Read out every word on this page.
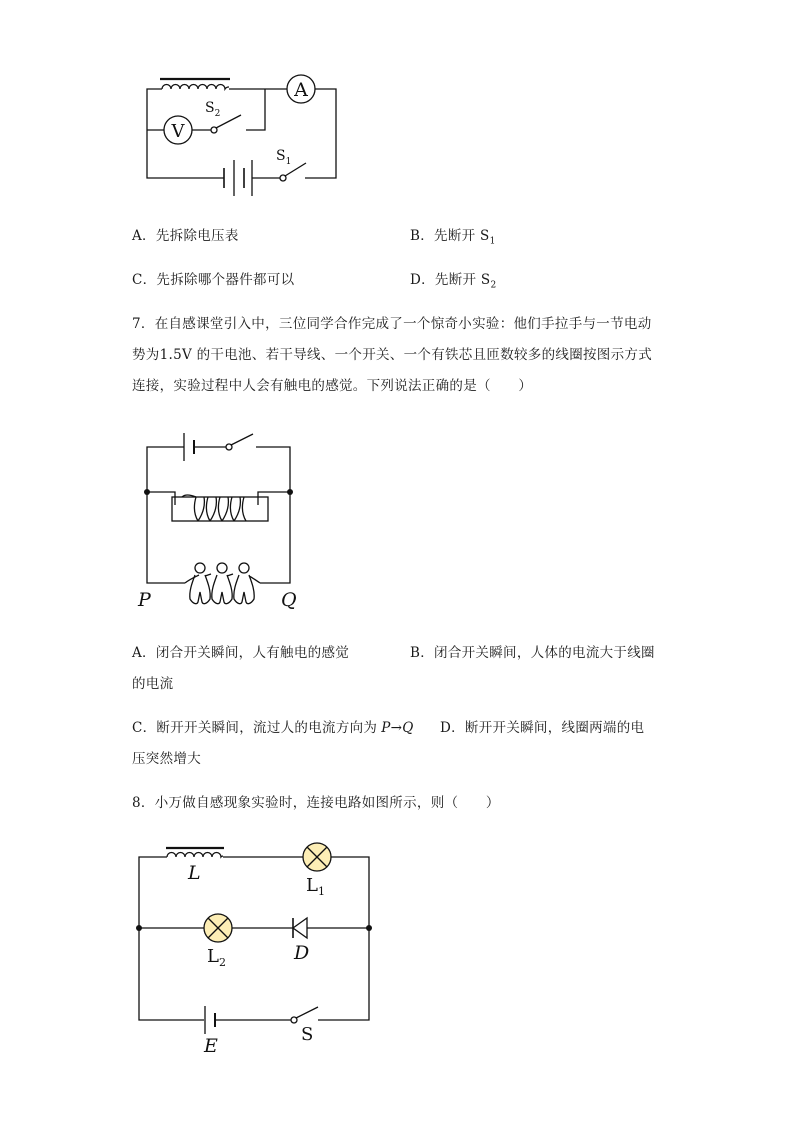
A
V
$S_2$
$S_1$
A．先拆除电压表	B．先断开 $S_1$
C．先拆除哪个器件都可以	D．先断开 $S_2$
7．在自感课堂引入中，三位同学合作完成了一个惊奇小实验：他们手拉手与一节电动
势为1.5V 的干电池、若干导线、一个开关、一个有铁芯且匝数较多的线圈按图示方式
连接，实验过程中人会有触电的感觉。下列说法正确的是（　　）
P	Q
A．闭合开关瞬间，人有触电的感觉	B．闭合开关瞬间，人体的电流大于线圈
的电流
C．断开开关瞬间，流过人的电流方向为 P→Q D．断开开关瞬间，线圈两端的电
压突然增大
8．小万做自感现象实验时，连接电路如图所示，则（　　）
L
$L_1$
$L_2$	D
E
S
